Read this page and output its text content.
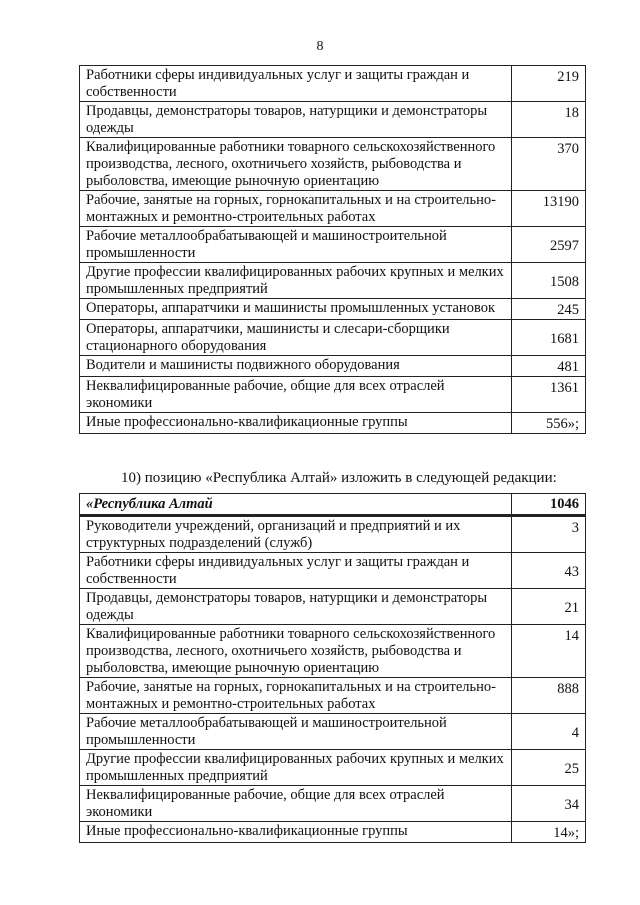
8
Работники сферы индивидуальных услуг и защиты граждан и собственности	219
Продавцы, демонстраторы товаров, натурщики и демонстраторы одежды	18
Квалифицированные работники товарного сельскохозяйственного производства, лесного, охотничьего хозяйств, рыбоводства и рыболовства, имеющие рыночную ориентацию	370
Рабочие, занятые на горных, горнокапитальных и на строительно-монтажных и ремонтно-строительных работах	13190
Рабочие металлообрабатывающей и машиностроительной промышленности	2597
Другие профессии квалифицированных рабочих крупных и мелких промышленных предприятий	1508
Операторы, аппаратчики и машинисты промышленных установок	245
Операторы, аппаратчики, машинисты и слесари-сборщики стационарного оборудования	1681
Водители и машинисты подвижного оборудования	481
Неквалифицированные рабочие, общие для всех отраслей экономики	1361
Иные профессионально-квалификационные группы	556»;
10) позицию «Республика Алтай» изложить в следующей редакции:
«Республика Алтай	1046
Руководители учреждений, организаций и предприятий и их структурных подразделений (служб)	3
Работники сферы индивидуальных услуг и защиты граждан и собственности	43
Продавцы, демонстраторы товаров, натурщики и демонстраторы одежды	21
Квалифицированные работники товарного сельскохозяйственного производства, лесного, охотничьего хозяйств, рыбоводства и рыболовства, имеющие рыночную ориентацию	14
Рабочие, занятые на горных, горнокапитальных и на строительно-монтажных и ремонтно-строительных работах	888
Рабочие металлообрабатывающей и машиностроительной промышленности	4
Другие профессии квалифицированных рабочих крупных и мелких промышленных предприятий	25
Неквалифицированные рабочие, общие для всех отраслей экономики	34
Иные профессионально-квалификационные группы	14»;
